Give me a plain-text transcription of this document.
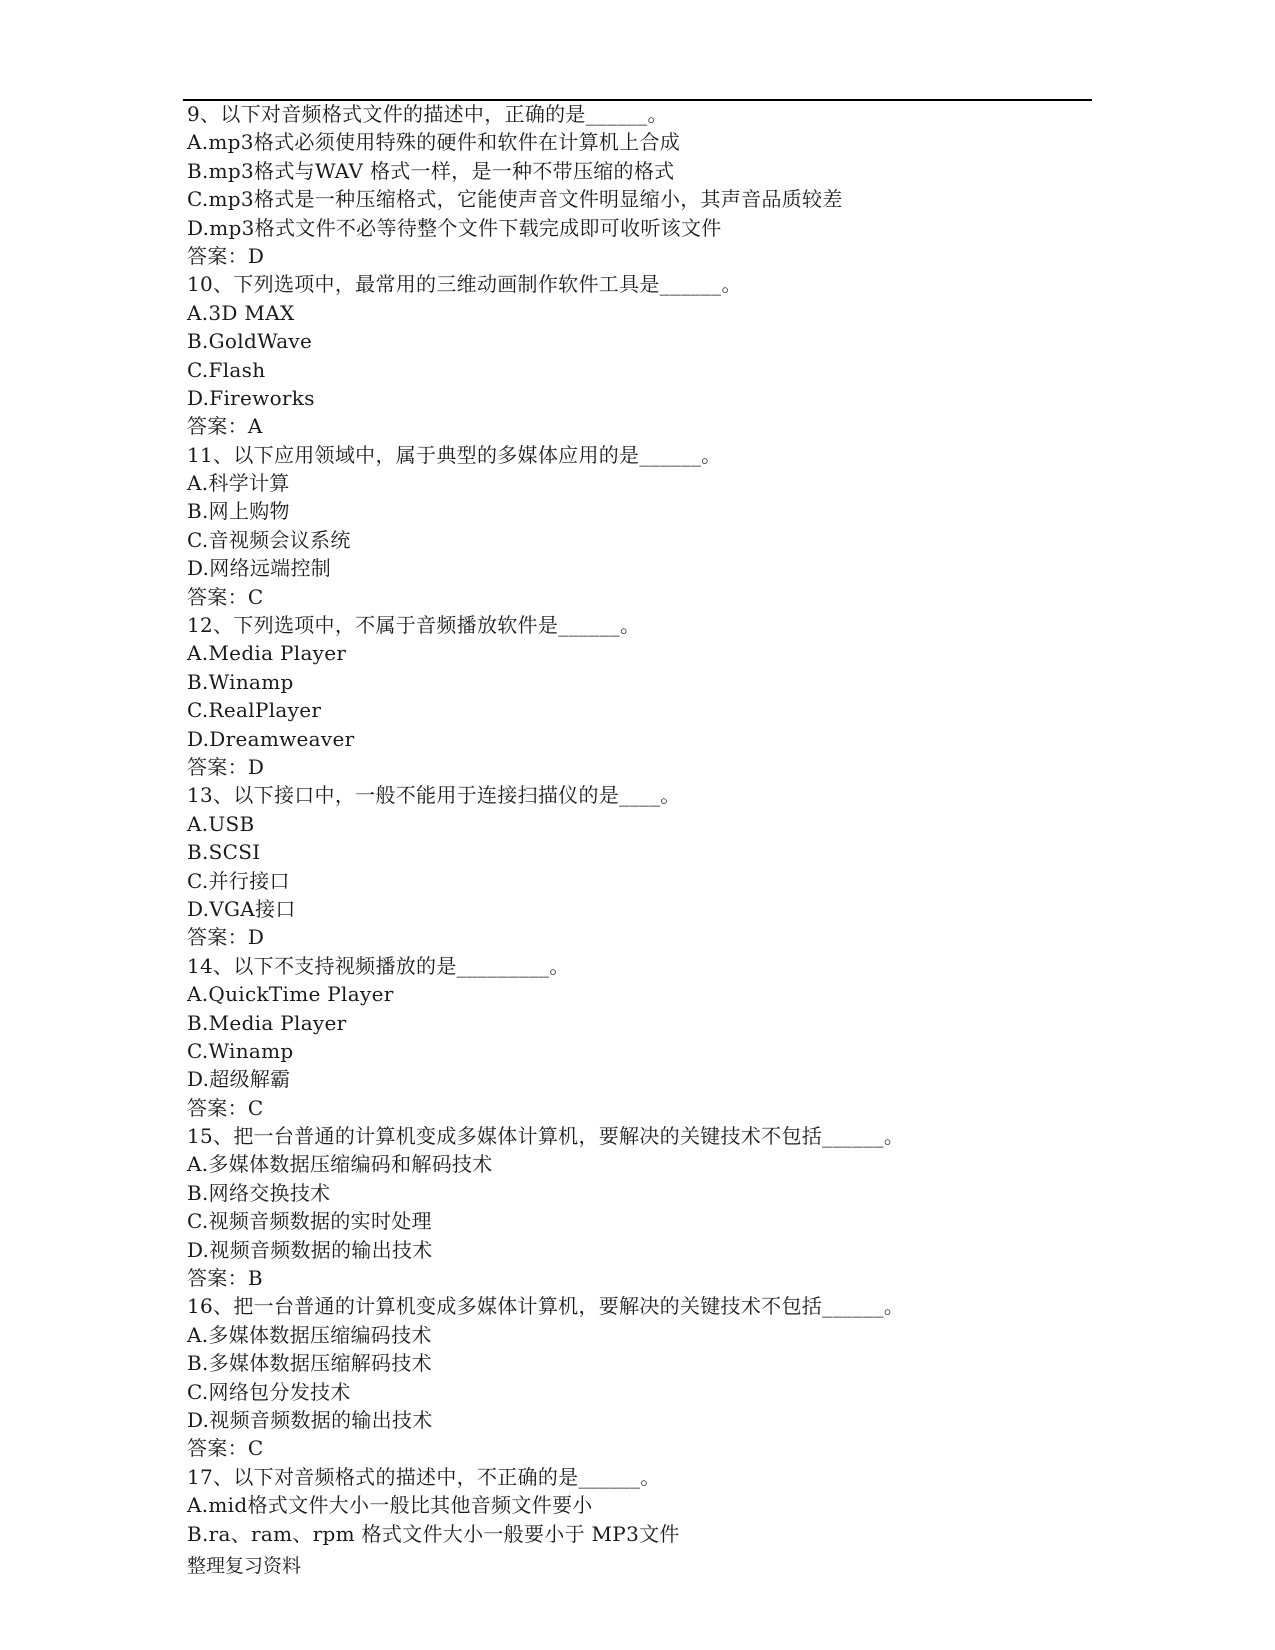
9、以下对音频格式文件的描述中，正确的是______。
A.mp3格式必须使用特殊的硬件和软件在计算机上合成
B.mp3格式与WAV 格式一样，是一种不带压缩的格式
C.mp3格式是一种压缩格式，它能使声音文件明显缩小，其声音品质较差
D.mp3格式文件不必等待整个文件下载完成即可收听该文件
答案：D
10、下列选项中，最常用的三维动画制作软件工具是______。
A.3D MAX
B.GoldWave
C.Flash
D.Fireworks
答案：A
11、以下应用领域中，属于典型的多媒体应用的是______。
A.科学计算
B.网上购物
C.音视频会议系统
D.网络远端控制
答案：C
12、下列选项中，不属于音频播放软件是______。
A.Media Player
B.Winamp
C.RealPlayer
D.Dreamweaver
答案：D
13、以下接口中，一般不能用于连接扫描仪的是____。
A.USB
B.SCSI
C.并行接口
D.VGA接口
答案：D
14、以下不支持视频播放的是_________。
A.QuickTime Player
B.Media Player
C.Winamp
D.超级解霸
答案：C
15、把一台普通的计算机变成多媒体计算机，要解决的关键技术不包括______。
A.多媒体数据压缩编码和解码技术
B.网络交换技术
C.视频音频数据的实时处理
D.视频音频数据的输出技术
答案：B
16、把一台普通的计算机变成多媒体计算机，要解决的关键技术不包括______。
A.多媒体数据压缩编码技术
B.多媒体数据压缩解码技术
C.网络包分发技术
D.视频音频数据的输出技术
答案：C
17、以下对音频格式的描述中，不正确的是______。
A.mid格式文件大小一般比其他音频文件要小
B.ra、ram、rpm 格式文件大小一般要小于 MP3文件
整理复习资料
